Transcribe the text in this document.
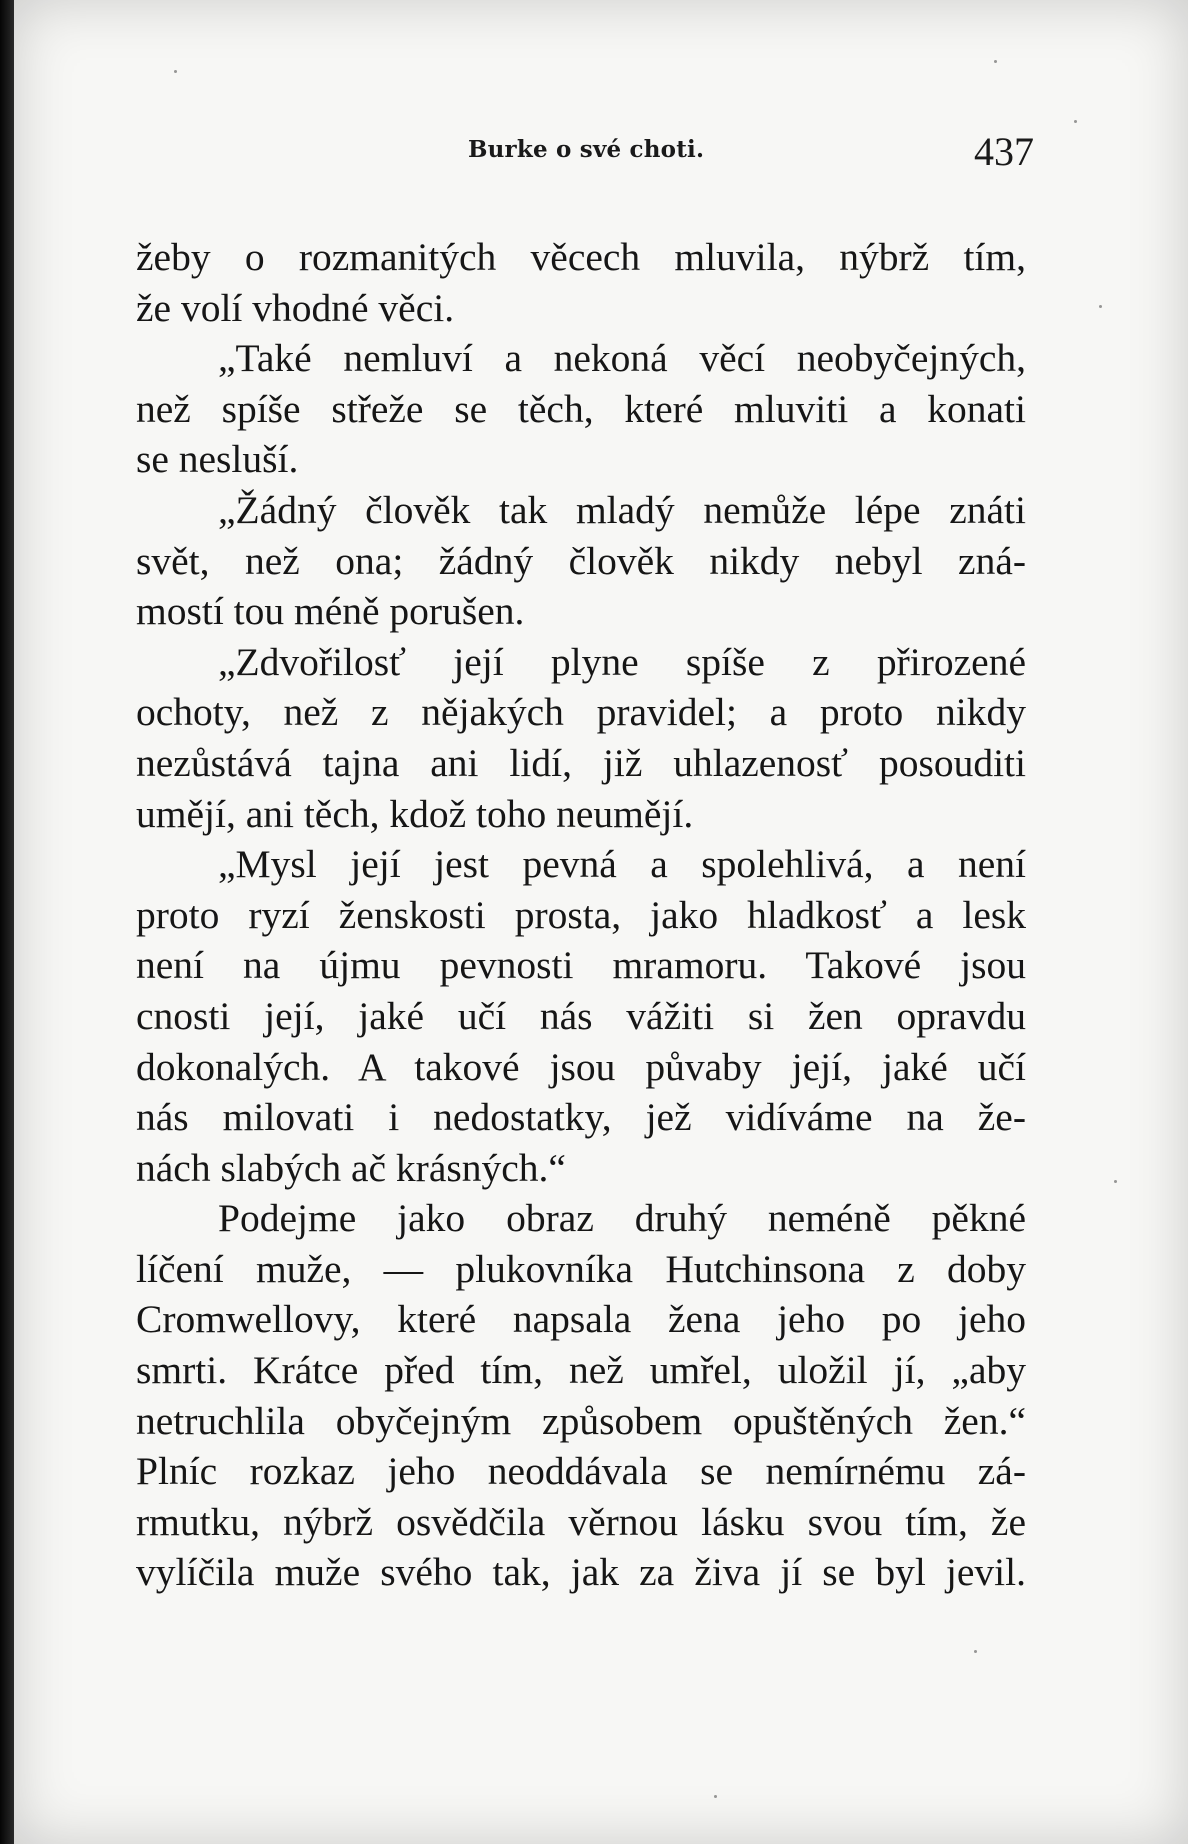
Burke o své choti.	437
žeby o rozmanitých věcech mluvila, nýbrž tím,
že volí vhodné věci.
„Také nemluví a nekoná věcí neobyčejných,
než spíše střeže se těch, které mluviti a konati
se nesluší.
„Žádný člověk tak mladý nemůže lépe znáti
svět, než ona; žádný člověk nikdy nebyl zná-
mostí tou méně porušen.
„Zdvořilosť její plyne spíše z přirozené
ochoty, než z nějakých pravidel; a proto nikdy
nezůstává tajna ani lidí, již uhlazenosť posouditi
umějí, ani těch, kdož toho neumějí.
„Mysl její jest pevná a spolehlivá, a není
proto ryzí ženskosti prosta, jako hladkosť a lesk
není na újmu pevnosti mramoru. Takové jsou
cnosti její, jaké učí nás vážiti si žen opravdu
dokonalých. A takové jsou půvaby její, jaké učí
nás milovati i nedostatky, jež vidíváme na že-
nách slabých ač krásných.“
Podejme jako obraz druhý neméně pěkné
líčení muže, — plukovníka Hutchinsona z doby
Cromwellovy, které napsala žena jeho po jeho
smrti. Krátce před tím, než umřel, uložil jí, „aby
netruchlila obyčejným způsobem opuštěných žen.“
Plníc rozkaz jeho neoddávala se nemírnému zá-
rmutku, nýbrž osvědčila věrnou lásku svou tím, že
vylíčila muže svého tak, jak za živa jí se byl jevil.
